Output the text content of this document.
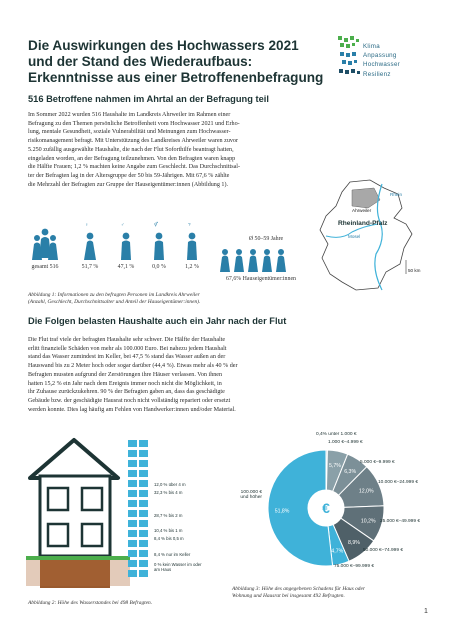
Die Auswirkungen des Hochwassers 2021
und der Stand des Wiederaufbaus:
Erkenntnisse aus einer Betroffenenbefragung
Klima
Anpassung
Hochwasser
Resilienz
516 Betroffene nahmen im Ahrtal an der Befragung teil
Im Sommer 2022 wurden 516 Haushalte im Landkreis Ahrweiler im Rahmen einer
Befragung zu den Themen persönliche Betroffenheit vom Hochwasser 2021 und Erho-
lung, mentale Gesundheit, soziale Vulnerabilität und Meinungen zum Hochwasser-
risikomanagement befragt. Mit Unterstützung des Landkreises Ahrweiler waren zuvor
5.250 zufällig ausgewählte Haushalte, die nach der Flut Soforthilfe beantragt hatten,
eingeladen worden, an der Befragung teilzunehmen. Von den Befragten waren knapp
die Hälfte Frauen; 1,2 % machten keine Angabe zum Geschlecht. Das Durchschnittsal-
ter der Befragten lag in der Altersgruppe der 50 bis 59-Jährigen. Mit 67,6 % zählte
die Mehrzahl der Befragten zur Gruppe der Hauseigentümer:innen (Abbildung 1).
♀	♂	⚥	?
gesamt 516	51,7 %	47,1 %	0,0 %	1,2 %
Ø 50–59 Jahre
67,6% Hauseigentümer:innen
Ahrweiler
Rheinland-Pfalz
Rhein
Mosel
50 km
Abbildung 1: Informationen zu den befragten Personen im Landkreis Ahrweiler
(Anzahl, Geschlecht, Durchschnittsalter und Anteil der Hauseigentümer:innen).
Die Folgen belasten Haushalte auch ein Jahr nach der Flut
Die Flut traf viele der befragten Haushalte sehr schwer. Die Hälfte der Haushalte
erlitt finanzielle Schäden von mehr als 100.000 Euro. Bei nahezu jedem Haushalt
stand das Wasser zumindest im Keller, bei 47,5 % stand das Wasser außen an der
Hauswand bis zu 2 Meter hoch oder sogar darüber (44,4 %). Etwas mehr als 40 % der
Befragten mussten aufgrund der Zerstörungen ihre Häuser verlassen. Von ihnen
hatten 15,2 % ein Jahr nach dem Ereignis immer noch nicht die Möglichkeit, in
ihr Zuhause zurückzukehren. 90 % der Befragten gaben an, dass das geschädigte
Gebäude bzw. der geschädigte Hausrat noch nicht vollständig repariert oder ersetzt
werden konnte. Dies lag häufig am Fehlen von Handwerker:innen und/oder Material.
12,0 % über 4 m
32,3 % bis 4 m
28,7 % bis 2 m
10,4 % bis 1 m
8,4 % bis 0,5 m
8,4 % nur im Keller
0 % kein Wasser im oder am Haus
Abbildung 2: Höhe des Wasserstandes bei 498 Befragten.
€
5,7%
6,3%
12,0%
10,2%
8,9%
4,7%
51,8%
0,4% unter 1.000 €
1.000 €–4.999 €
5.000 €–9.999 €
10.000 €–24.999 €
25.000 €–49.999 €
50.000 €–74.999 €
75.000 €–99.999 €
100.000 € und höher
Abbildung 3: Höhe des angegebenen Schadens für Haus oder
Wohnung und Hausrat bei insgesamt 492 Befragten.
1
